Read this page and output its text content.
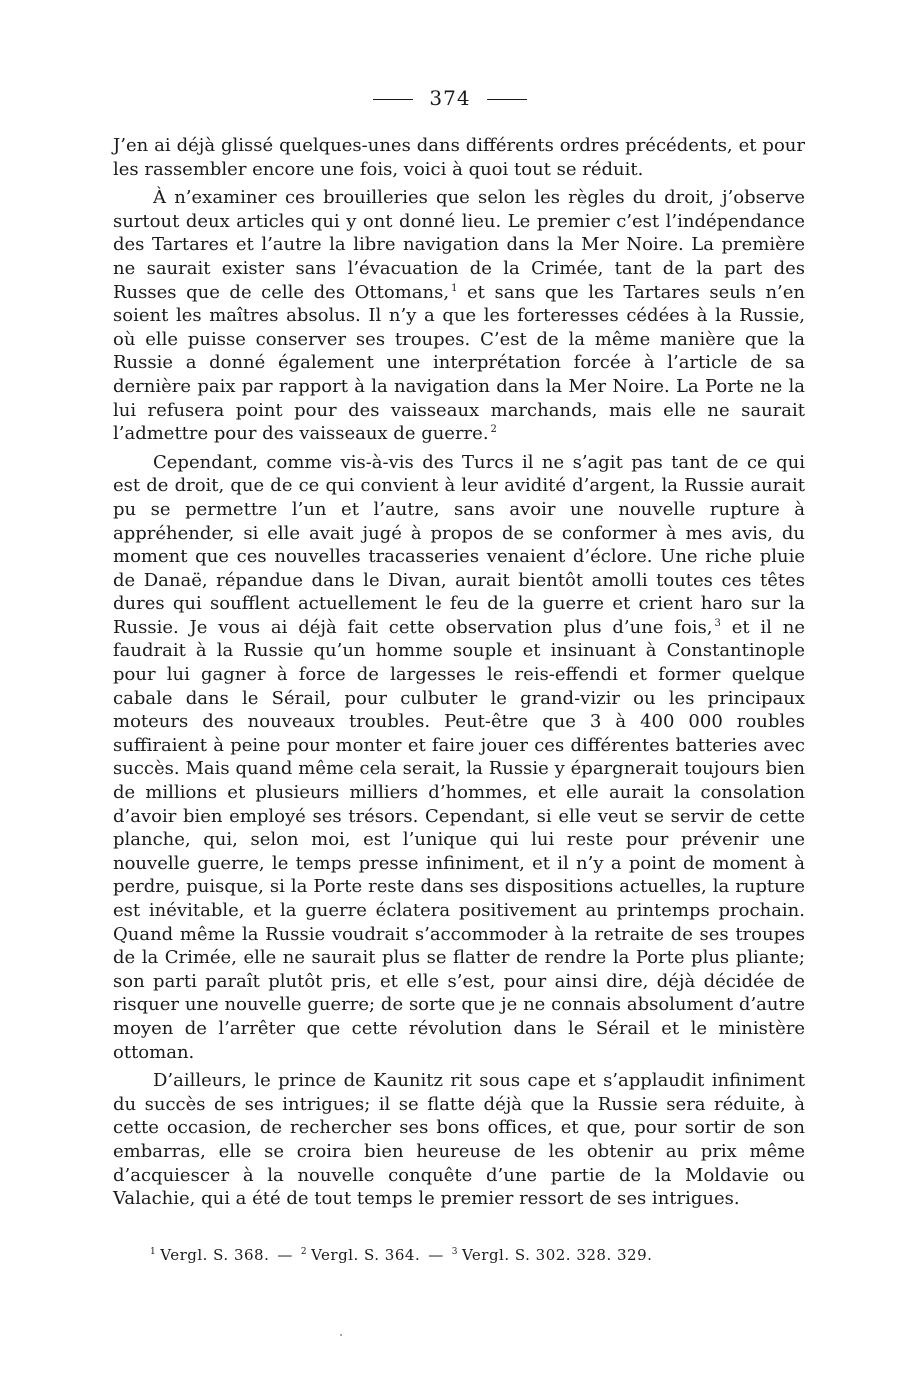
374

J’en ai déjà glissé quelques-unes dans différents ordres précédents, et pour les rassembler encore une fois, voici à quoi tout se réduit.

À n’examiner ces brouilleries que selon les règles du droit, j’observe surtout deux articles qui y ont donné lieu. Le premier c’est l’indépendance des Tartares et l’autre la libre navigation dans la Mer Noire. La première ne saurait exister sans l’évacuation de la Crimée, tant de la part des Russes que de celle des Ottomans, $^1$ et sans que les Tartares seuls n’en soient les maîtres absolus. Il n’y a que les forteresses cédées à la Russie, où elle puisse conserver ses troupes. C’est de la même manière que la Russie a donné également une interprétation forcée à l’article de sa dernière paix par rapport à la navigation dans la Mer Noire. La Porte ne la lui refusera point pour des vaisseaux marchands, mais elle ne saurait l’admettre pour des vaisseaux de guerre. $^2$

Cependant, comme vis-à-vis des Turcs il ne s’agit pas tant de ce qui est de droit, que de ce qui convient à leur avidité d’argent, la Russie aurait pu se permettre l’un et l’autre, sans avoir une nouvelle rupture à appréhender, si elle avait jugé à propos de se conformer à mes avis, du moment que ces nouvelles tracasseries venaient d’éclore. Une riche pluie de Danaë, répandue dans le Divan, aurait bientôt amolli toutes ces têtes dures qui soufflent actuellement le feu de la guerre et crient haro sur la Russie. Je vous ai déjà fait cette observation plus d’une fois, $^3$ et il ne faudrait à la Russie qu’un homme souple et insinuant à Constantinople pour lui gagner à force de largesses le reis-effendi et former quelque cabale dans le Sérail, pour culbuter le grand-vizir ou les principaux moteurs des nouveaux troubles. Peut-être que 3 à 400 000 roubles suffiraient à peine pour monter et faire jouer ces différentes batteries avec succès. Mais quand même cela serait, la Russie y épargnerait toujours bien de millions et plusieurs milliers d’hommes, et elle aurait la consolation d’avoir bien employé ses trésors. Cependant, si elle veut se servir de cette planche, qui, selon moi, est l’unique qui lui reste pour prévenir une nouvelle guerre, le temps presse infiniment, et il n’y a point de moment à perdre, puisque, si la Porte reste dans ses dispositions actuelles, la rupture est inévitable, et la guerre éclatera positivement au printemps prochain. Quand même la Russie voudrait s’accommoder à la retraite de ses troupes de la Crimée, elle ne saurait plus se flatter de rendre la Porte plus pliante; son parti paraît plutôt pris, et elle s’est, pour ainsi dire, déjà décidée de risquer une nouvelle guerre; de sorte que je ne connais absolument d’autre moyen de l’arrêter que cette révolution dans le Sérail et le ministère ottoman.

D’ailleurs, le prince de Kaunitz rit sous cape et s’applaudit infiniment du succès de ses intrigues; il se flatte déjà que la Russie sera réduite, à cette occasion, de rechercher ses bons offices, et que, pour sortir de son embarras, elle se croira bien heureuse de les obtenir au prix même d’acquiescer à la nouvelle conquête d’une partie de la Moldavie ou Valachie, qui a été de tout temps le premier ressort de ses intrigues.

$^1$ Vergl. S. 368. — $^2$ Vergl. S. 364. — $^3$ Vergl. S. 302. 328. 329.
